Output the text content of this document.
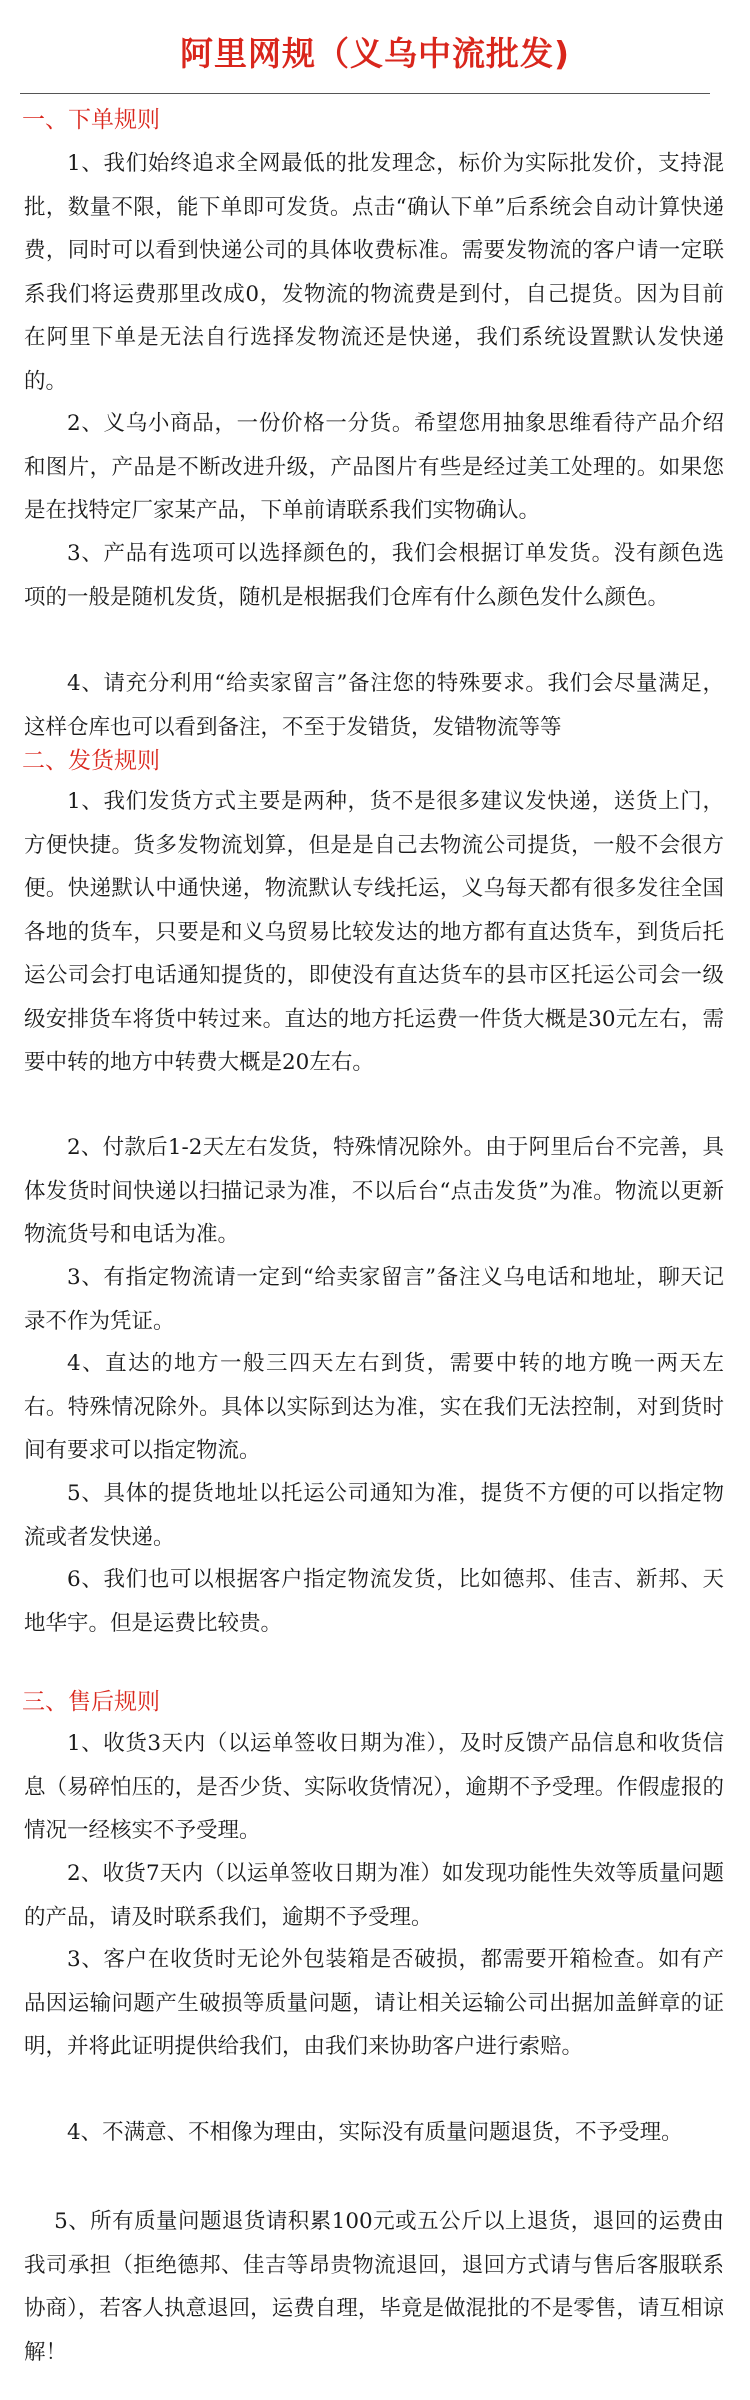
阿里网规（义乌中流批发)
一、下单规则
1、我们始终追求全网最低的批发理念，标价为实际批发价，支持混批，数量不限，能下单即可发货。点击“确认下单”后系统会自动计算快递费，同时可以看到快递公司的具体收费标准。需要发物流的客户请一定联系我们将运费那里改成0，发物流的物流费是到付，自己提货。因为目前在阿里下单是无法自行选择发物流还是快递，我们系统设置默认发快递的。
2、义乌小商品，一份价格一分货。希望您用抽象思维看待产品介绍和图片，产品是不断改进升级，产品图片有些是经过美工处理的。如果您是在找特定厂家某产品，下单前请联系我们实物确认。
3、产品有选项可以选择颜色的，我们会根据订单发货。没有颜色选项的一般是随机发货，随机是根据我们仓库有什么颜色发什么颜色。
4、请充分利用“给卖家留言”备注您的特殊要求。我们会尽量满足，这样仓库也可以看到备注，不至于发错货，发错物流等等
二、发货规则
1、我们发货方式主要是两种，货不是很多建议发快递，送货上门，方便快捷。货多发物流划算，但是是自己去物流公司提货，一般不会很方便。快递默认中通快递，物流默认专线托运，义乌每天都有很多发往全国各地的货车，只要是和义乌贸易比较发达的地方都有直达货车，到货后托运公司会打电话通知提货的，即使没有直达货车的县市区托运公司会一级级安排货车将货中转过来。直达的地方托运费一件货大概是30元左右，需要中转的地方中转费大概是20左右。
2、付款后1-2天左右发货，特殊情况除外。由于阿里后台不完善，具体发货时间快递以扫描记录为准，不以后台“点击发货”为准。物流以更新物流货号和电话为准。
3、有指定物流请一定到“给卖家留言”备注义乌电话和地址，聊天记录不作为凭证。
4、直达的地方一般三四天左右到货，需要中转的地方晚一两天左右。特殊情况除外。具体以实际到达为准，实在我们无法控制，对到货时间有要求可以指定物流。
5、具体的提货地址以托运公司通知为准，提货不方便的可以指定物流或者发快递。
6、我们也可以根据客户指定物流发货，比如德邦、佳吉、新邦、天地华宇。但是运费比较贵。
三、售后规则
1、收货3天内（以运单签收日期为准），及时反馈产品信息和收货信息（易碎怕压的，是否少货、实际收货情况），逾期不予受理。作假虚报的情况一经核实不予受理。
2、收货7天内（以运单签收日期为准）如发现功能性失效等质量问题的产品，请及时联系我们，逾期不予受理。
3、客户在收货时无论外包装箱是否破损，都需要开箱检查。如有产品因运输问题产生破损等质量问题，请让相关运输公司出据加盖鲜章的证明，并将此证明提供给我们，由我们来协助客户进行索赔。
4、不满意、不相像为理由，实际没有质量问题退货，不予受理。
5、所有质量问题退货请积累100元或五公斤以上退货，退回的运费由我司承担（拒绝德邦、佳吉等昂贵物流退回，退回方式请与售后客服联系协商），若客人执意退回，运费自理，毕竟是做混批的不是零售，请互相谅解！
